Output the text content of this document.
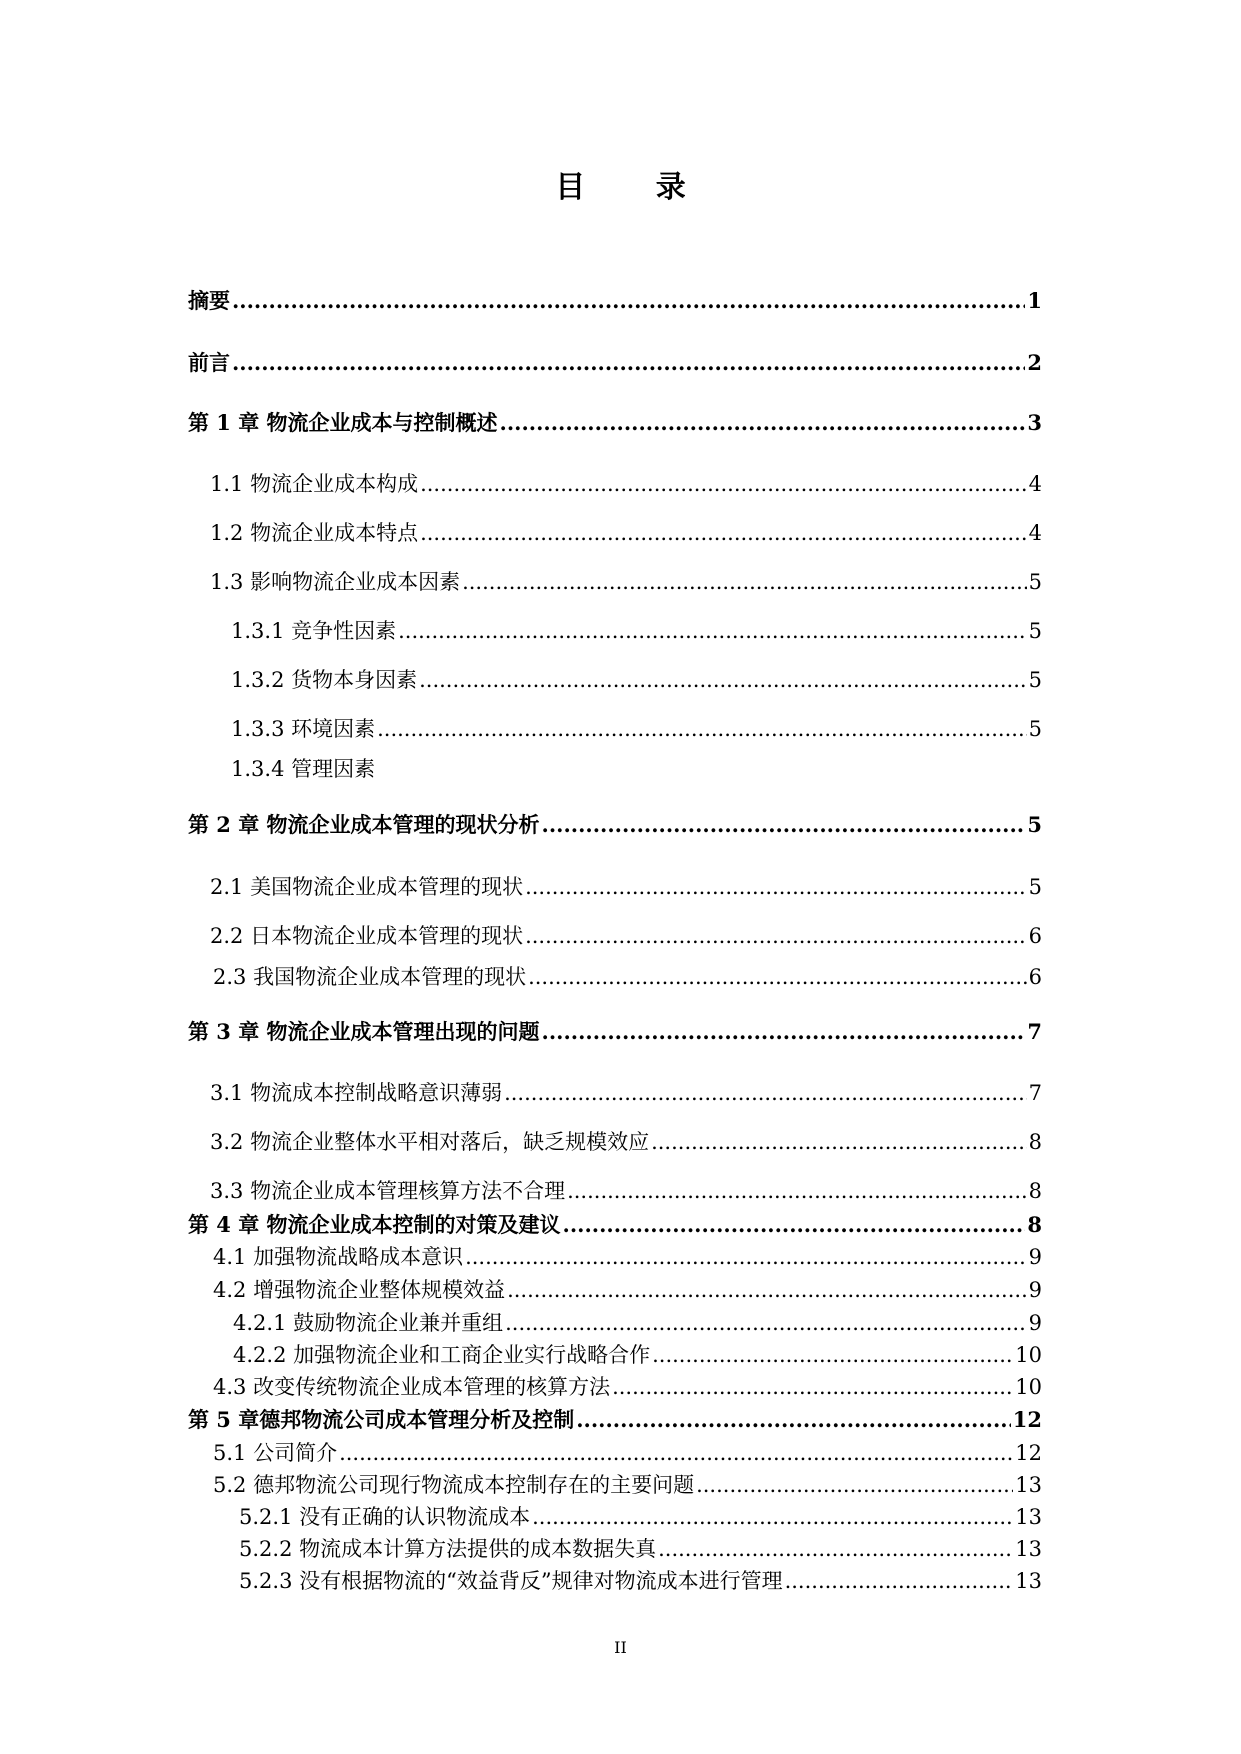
目 录
摘要 .....	1
前言 .....	2
第 1 章 物流企业成本与控制概述 .....	3
1.1 物流企业成本构成 .....	4
1.2 物流企业成本特点 .....	4
1.3 影响物流企业成本因素 .....	5
1.3.1 竞争性因素 .....	5
1.3.2 货物本身因素 .....	5
1.3.3 环境因素 .....	5
1.3.4 管理因素
第 2 章 物流企业成本管理的现状分析 .....	5
2.1 美国物流企业成本管理的现状 .....	5
2.2 日本物流企业成本管理的现状 .....	6
2.3 我国物流企业成本管理的现状 .....	6
第 3 章 物流企业成本管理出现的问题 .....	7
3.1 物流成本控制战略意识薄弱 .....	7
3.2 物流企业整体水平相对落后，缺乏规模效应 .....	8
3.3 物流企业成本管理核算方法不合理 .....	8
第 4 章 物流企业成本控制的对策及建议 .....	8
4.1 加强物流战略成本意识 .....	9
4.2 增强物流企业整体规模效益 .....	9
4.2.1 鼓励物流企业兼并重组 .....	9
4.2.2 加强物流企业和工商企业实行战略合作 .....	10
4.3 改变传统物流企业成本管理的核算方法 .....	10
第 5 章德邦物流公司成本管理分析及控制 .....	12
5.1 公司简介 .....	12
5.2 德邦物流公司现行物流成本控制存在的主要问题 .....	13
5.2.1 没有正确的认识物流成本 .....	13
5.2.2 物流成本计算方法提供的成本数据失真 .....	13
5.2.3 没有根据物流的“效益背反”规律对物流成本进行管理 .....	13
II
